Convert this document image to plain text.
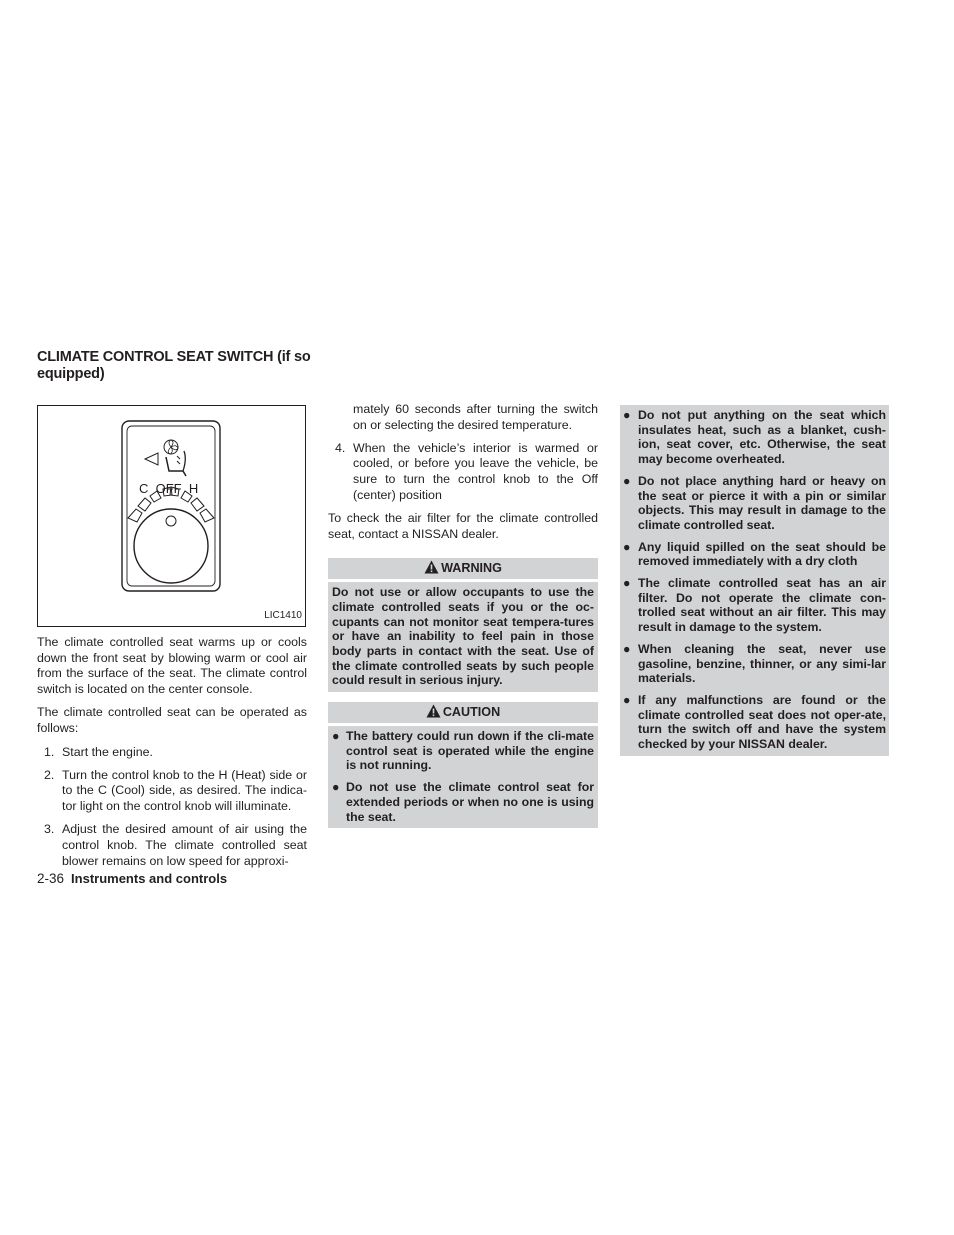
CLIMATE CONTROL SEAT SWITCH (if so equipped)
C  OFF  H
LIC1410

The climate controlled seat warms up or cools down the front seat by blowing warm or cool air from the surface of the seat. The climate control switch is located on the center console.

The climate controlled seat can be operated as follows:

1. Start the engine.
2. Turn the control knob to the H (Heat) side or to the C (Cool) side, as desired. The indica-tor light on the control knob will illuminate.
3. Adjust the desired amount of air using the control knob. The climate controlled seat blower remains on low speed for approxi-
mately 60 seconds after turning the switch on or selecting the desired temperature.
4. When the vehicle’s interior is warmed or cooled, or before you leave the vehicle, be sure to turn the control knob to the Off (center) position

To check the air filter for the climate controlled seat, contact a NISSAN dealer.

WARNING
Do not use or allow occupants to use the climate controlled seats if you or the oc-cupants can not monitor seat tempera-tures or have an inability to feel pain in those body parts in contact with the seat. Use of the climate controlled seats by such people could result in serious injury.
CAUTION
● The battery could run down if the cli-mate control seat is operated while the engine is not running.
● Do not use the climate control seat for extended periods or when no one is using the seat.
● Do not put anything on the seat which insulates heat, such as a blanket, cush-ion, seat cover, etc. Otherwise, the seat may become overheated.
● Do not place anything hard or heavy on the seat or pierce it with a pin or similar objects. This may result in damage to the climate controlled seat.
● Any liquid spilled on the seat should be removed immediately with a dry cloth
● The climate controlled seat has an air filter. Do not operate the climate con-trolled seat without an air filter. This may result in damage to the system.
● When cleaning the seat, never use gasoline, benzine, thinner, or any simi-lar materials.
● If any malfunctions are found or the climate controlled seat does not oper-ate, turn the switch off and have the system checked by your NISSAN dealer.
2-36 Instruments and controls
